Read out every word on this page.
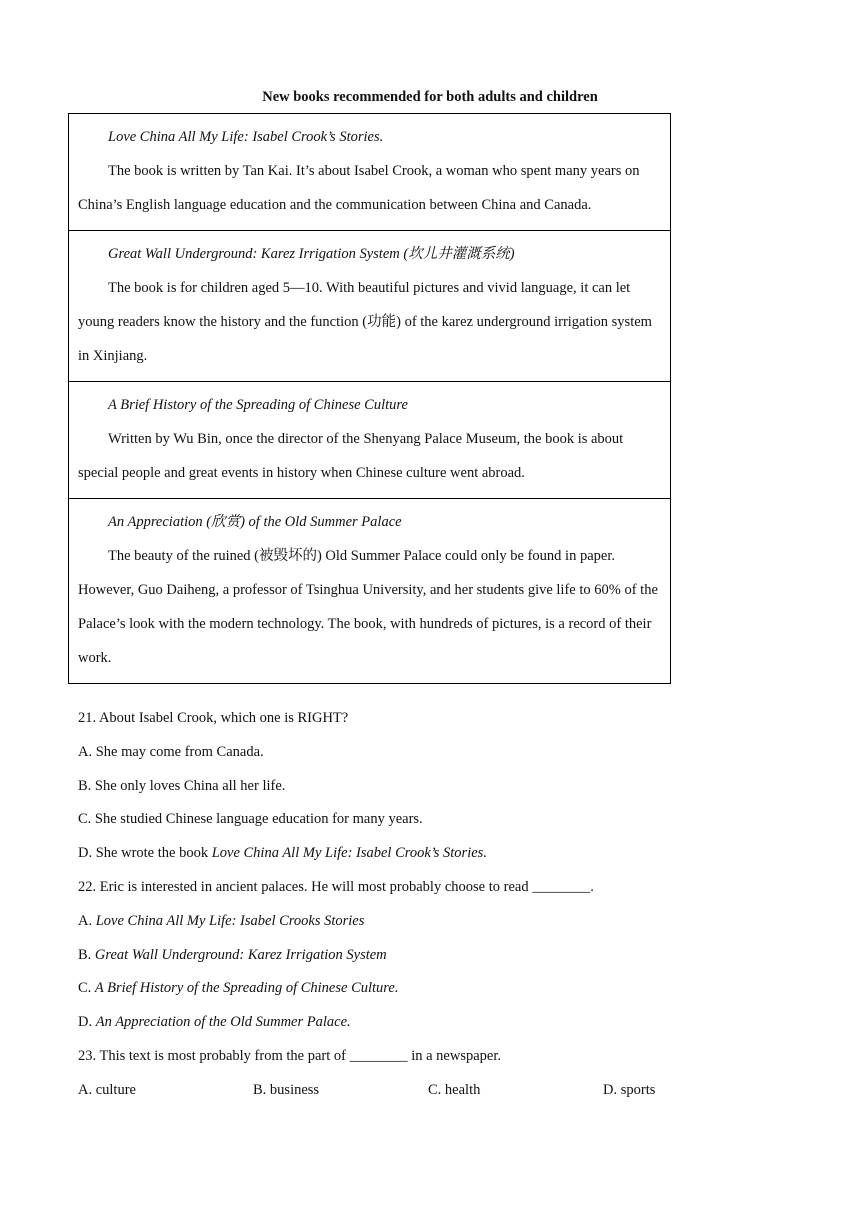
New books recommended for both adults and children

Love China All My Life: Isabel Crook’s Stories.

The book is written by Tan Kai. It’s about Isabel Crook, a woman who spent many years on China’s English language education and the communication between China and Canada.

Great Wall Underground: Karez Irrigation System (坎儿井灌溉系统)

The book is for children aged 5—10. With beautiful pictures and vivid language, it can let young readers know the history and the function (功能) of the karez underground irrigation system in Xinjiang.

A Brief History of the Spreading of Chinese Culture

Written by Wu Bin, once the director of the Shenyang Palace Museum, the book is about special people and great events in history when Chinese culture went abroad.

An Appreciation (欣赏) of the Old Summer Palace

The beauty of the ruined (被毁坏的) Old Summer Palace could only be found in paper. However, Guo Daiheng, a professor of Tsinghua University, and her students give life to 60% of the Palace’s look with the modern technology. The book, with hundreds of pictures, is a record of their work.

21. About Isabel Crook, which one is RIGHT?

A. She may come from Canada.

B. She only loves China all her life.

C. She studied Chinese language education for many years.

D. She wrote the book Love China All My Life: Isabel Crook’s Stories.

22. Eric is interested in ancient palaces. He will most probably choose to read ________.

A. Love China All My Life: Isabel Crooks Stories

B. Great Wall Underground: Karez Irrigation System

C. A Brief History of the Spreading of Chinese Culture.

D. An Appreciation of the Old Summer Palace.

23. This text is most probably from the part of ________ in a newspaper.

A. culture	B. business	C. health	D. sports
